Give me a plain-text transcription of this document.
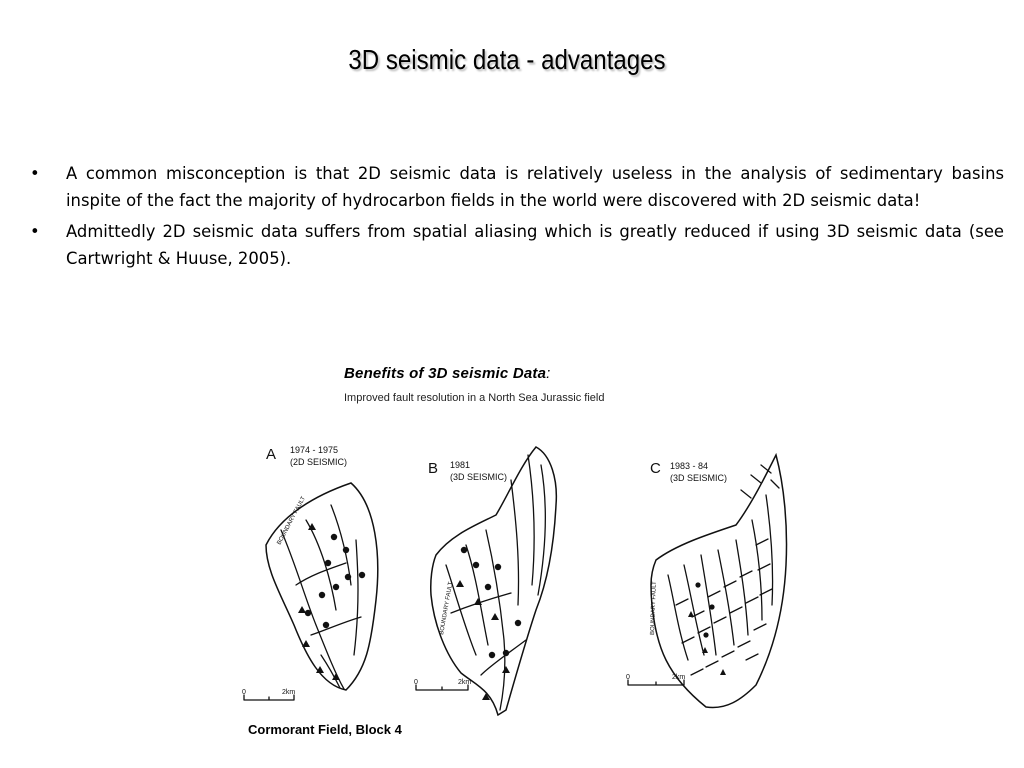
3D seismic data - advantages
• A common misconception is that 2D seismic data is relatively useless in the analysis of sedimentary basins inspite of the fact the majority of hydrocarbon fields in the world were discovered with 2D seismic data!
• Admittedly 2D seismic data suffers from spatial aliasing which is greatly reduced if using 3D seismic data (see Cartwright & Huuse, 2005).
Benefits of 3D seismic Data:
Improved fault resolution in a North Sea Jurassic field
A
B	C
1974 - 1975
(2D SEISMIC)	1981
(3D SEISMIC)
1983 - 84
(3D SEISMIC)
BOUNDARY FAULT
BOUNDARY FAULT	BOUNDARY FAULT
0	2km
0	2km
0	2km
Cormorant Field, Block 4
